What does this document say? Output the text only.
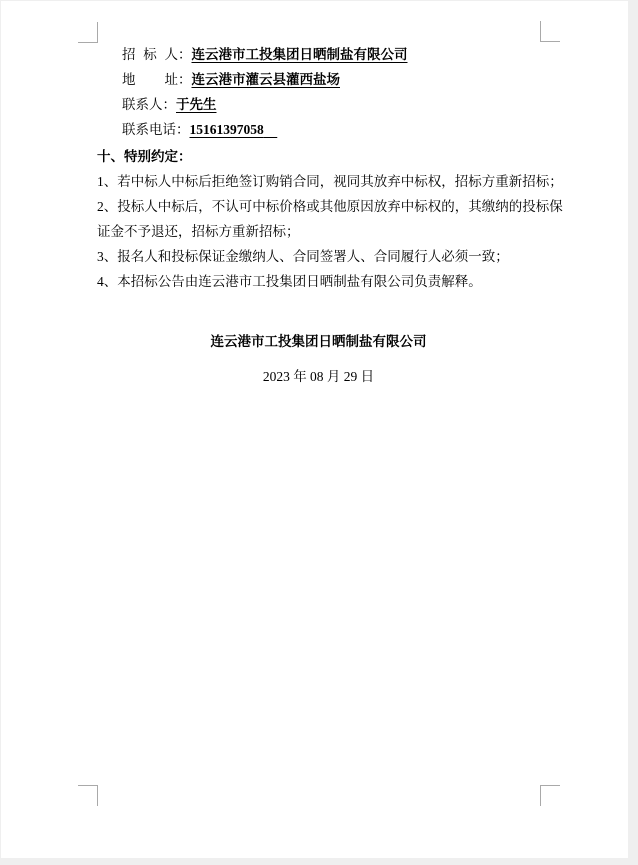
招标人：连云港市工投集团日晒制盐有限公司
地址：连云港市灌云县灌西盐场
联系人：于先生
联系电话：15161397058　
十、特别约定：
1、若中标人中标后拒绝签订购销合同，视同其放弃中标权，招标方重新招标；
2、投标人中标后，不认可中标价格或其他原因放弃中标权的，其缴纳的投标保
证金不予退还，招标方重新招标；
3、报名人和投标保证金缴纳人、合同签署人、合同履行人必须一致；
4、本招标公告由连云港市工投集团日晒制盐有限公司负责解释。
连云港市工投集团日晒制盐有限公司
2023 年 08 月 29 日
